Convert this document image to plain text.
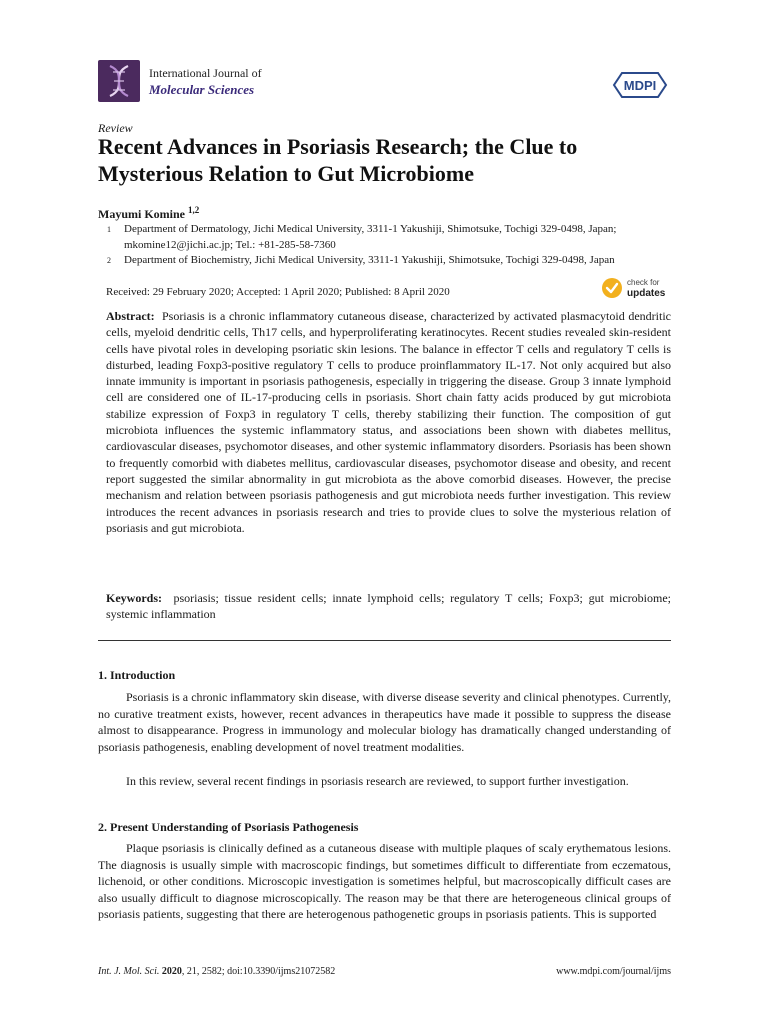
International Journal of
Molecular Sciences	MDPI
Review
Recent Advances in Psoriasis Research; the Clue to Mysterious Relation to Gut Microbiome
Mayumi Komine $^{1,2}$
1 Department of Dermatology, Jichi Medical University, 3311-1 Yakushiji, Shimotsuke, Tochigi 329-0498, Japan;
mkomine12@jichi.ac.jp; Tel.: +81-285-58-7360
2 Department of Biochemistry, Jichi Medical University, 3311-1 Yakushiji, Shimotsuke, Tochigi 329-0498, Japan
Received: 29 February 2020; Accepted: 1 April 2020; Published: 8 April 2020
check for
updates
Abstract: Psoriasis is a chronic inflammatory cutaneous disease, characterized by activated plasmacytoid dendritic cells, myeloid dendritic cells, Th17 cells, and hyperproliferating keratinocytes. Recent studies revealed skin-resident cells have pivotal roles in developing psoriatic skin lesions. The balance in effector T cells and regulatory T cells is disturbed, leading Foxp3-positive regulatory T cells to produce proinflammatory IL-17. Not only acquired but also innate immunity is important in psoriasis pathogenesis, especially in triggering the disease. Group 3 innate lymphoid cell are considered one of IL-17-producing cells in psoriasis. Short chain fatty acids produced by gut microbiota stabilize expression of Foxp3 in regulatory T cells, thereby stabilizing their function. The composition of gut microbiota influences the systemic inflammatory status, and associations been shown with diabetes mellitus, cardiovascular diseases, psychomotor diseases, and other systemic inflammatory disorders. Psoriasis has been shown to frequently comorbid with diabetes mellitus, cardiovascular diseases, psychomotor disease and obesity, and recent report suggested the similar abnormality in gut microbiota as the above comorbid diseases. However, the precise mechanism and relation between psoriasis pathogenesis and gut microbiota needs further investigation. This review introduces the recent advances in psoriasis research and tries to provide clues to solve the mysterious relation of psoriasis and gut microbiota.
Keywords: psoriasis; tissue resident cells; innate lymphoid cells; regulatory T cells; Foxp3; gut microbiome; systemic inflammation
1. Introduction
Psoriasis is a chronic inflammatory skin disease, with diverse disease severity and clinical phenotypes. Currently, no curative treatment exists, however, recent advances in therapeutics have made it possible to suppress the disease almost to disappearance. Progress in immunology and molecular biology has dramatically changed understanding of psoriasis pathogenesis, enabling development of novel treatment modalities.
In this review, several recent findings in psoriasis research are reviewed, to support further investigation.
2. Present Understanding of Psoriasis Pathogenesis
Plaque psoriasis is clinically defined as a cutaneous disease with multiple plaques of scaly erythematous lesions. The diagnosis is usually simple with macroscopic findings, but sometimes difficult to differentiate from eczematous, lichenoid, or other conditions. Microscopic investigation is sometimes helpful, but macroscopically difficult cases are also usually difficult to diagnose microscopically. The reason may be that there are heterogeneous clinical groups of psoriasis patients, suggesting that there are heterogenous pathogenetic groups in psoriasis patients. This is supported
Int. J. Mol. Sci. 2020, 21, 2582; doi:10.3390/ijms21072582	www.mdpi.com/journal/ijms
